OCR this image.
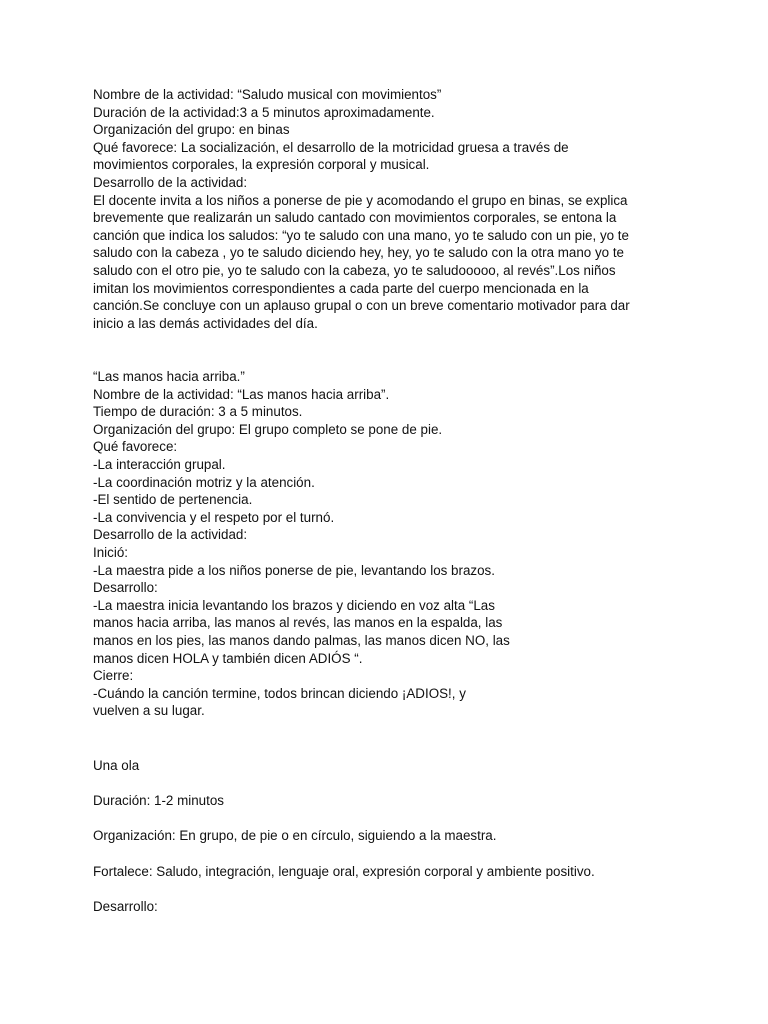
Nombre de la actividad: “Saludo musical con movimientos”
Duración de la actividad:3 a 5 minutos aproximadamente.
Organización del grupo: en binas
Qué favorece: La socialización, el desarrollo de la motricidad gruesa a través de
movimientos corporales, la expresión corporal y musical.
Desarrollo de la actividad:
El docente invita a los niños a ponerse de pie y acomodando el grupo en binas, se explica
brevemente que realizarán un saludo cantado con movimientos corporales, se entona la
canción que indica los saludos: “yo te saludo con una mano, yo te saludo con un pie, yo te
saludo con la cabeza , yo te saludo diciendo hey, hey, yo te saludo con la otra mano yo te
saludo con el otro pie, yo te saludo con la cabeza, yo te saludooooo, al revés”.Los niños
imitan los movimientos correspondientes a cada parte del cuerpo mencionada en la
canción.Se concluye con un aplauso grupal o con un breve comentario motivador para dar
inicio a las demás actividades del día.
“Las manos hacia arriba.”
Nombre de la actividad: “Las manos hacia arriba”.
Tiempo de duración: 3 a 5 minutos.
Organización del grupo: El grupo completo se pone de pie.
Qué favorece:
-La interacción grupal.
-La coordinación motriz y la atención.
-El sentido de pertenencia.
-La convivencia y el respeto por el turnó.
Desarrollo de la actividad:
Inició:
-La maestra pide a los niños ponerse de pie, levantando los brazos.
Desarrollo:
-La maestra inicia levantando los brazos y diciendo en voz alta “Las
manos hacia arriba, las manos al revés, las manos en la espalda, las
manos en los pies, las manos dando palmas, las manos dicen NO, las
manos dicen HOLA y también dicen ADIÓS “.
Cierre:
-Cuándo la canción termine, todos brincan diciendo ¡ADIOS!, y
vuelven a su lugar.
Una ola
Duración: 1-2 minutos
Organización: En grupo, de pie o en círculo, siguiendo a la maestra.
Fortalece: Saludo, integración, lenguaje oral, expresión corporal y ambiente positivo.
Desarrollo:
